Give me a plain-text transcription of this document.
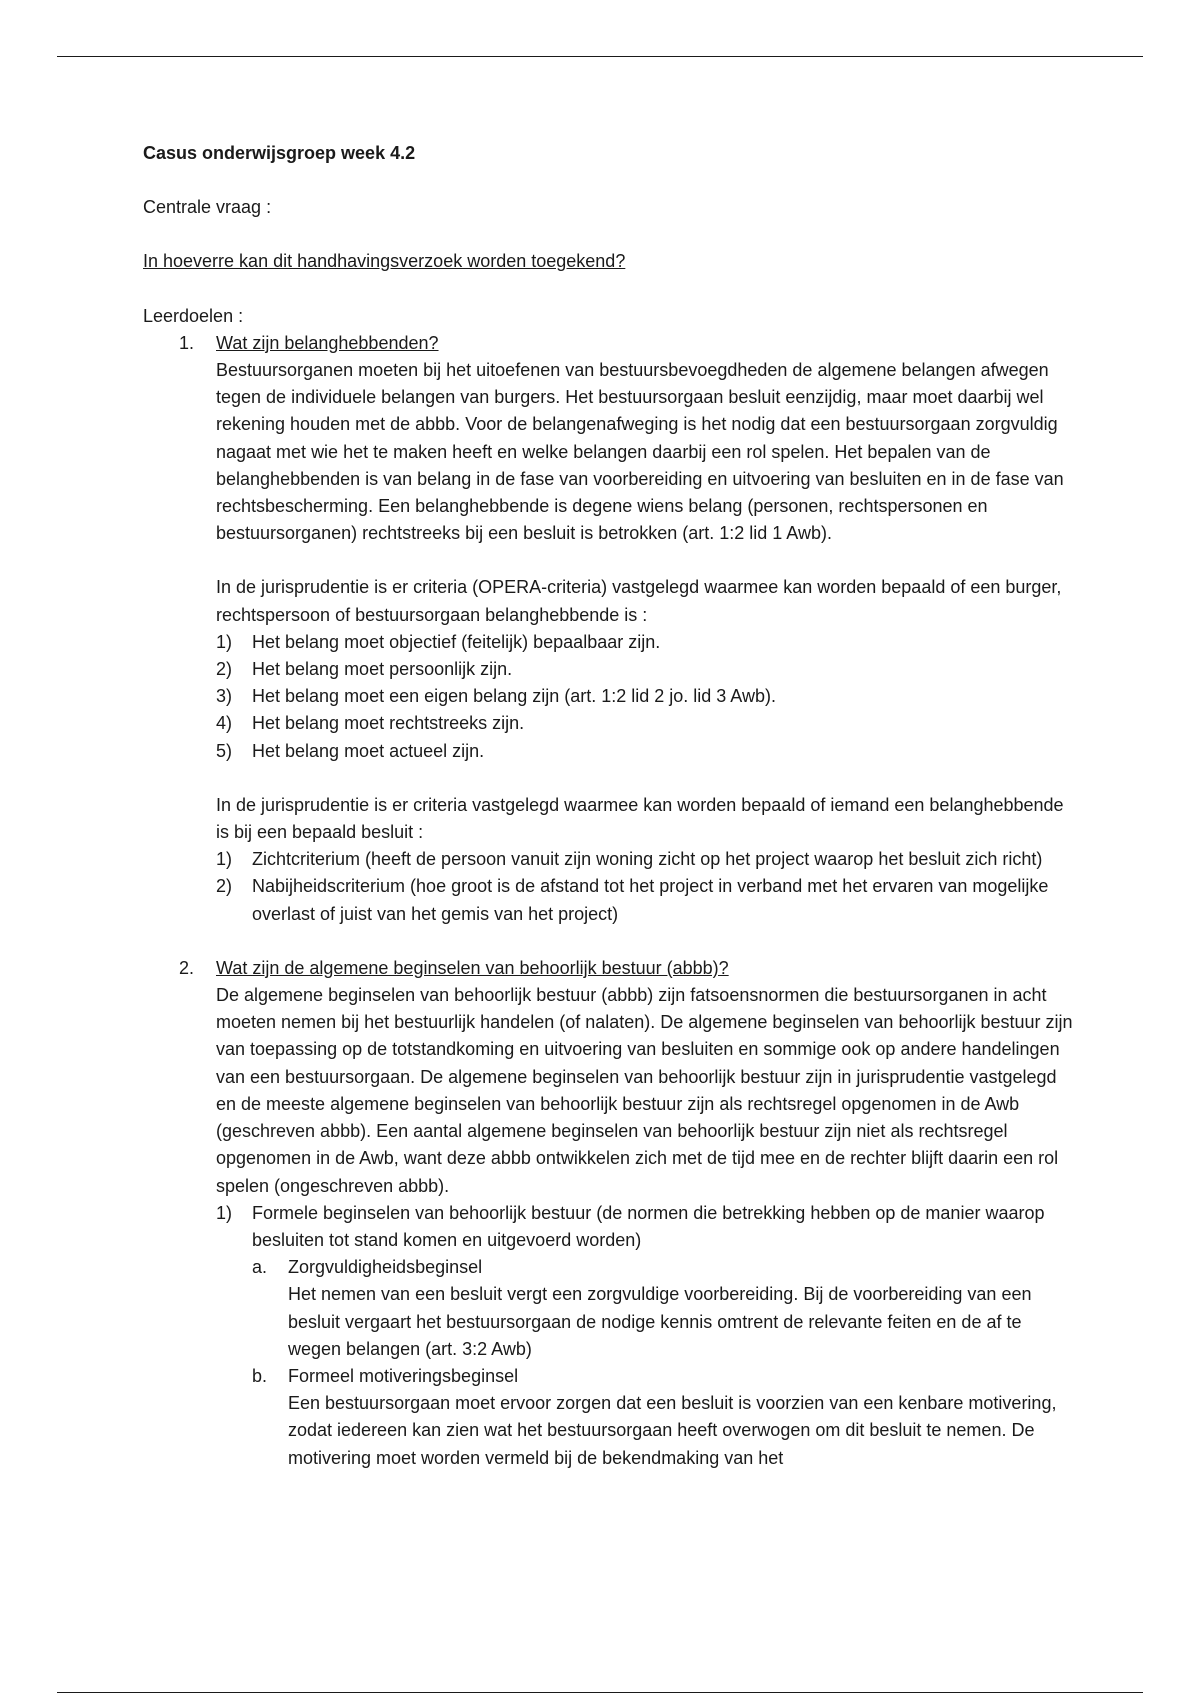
Casus onderwijsgroep week 4.2

Centrale vraag :

In hoeverre kan dit handhavingsverzoek worden toegekend?

Leerdoelen :

1. Wat zijn belanghebbenden?

Bestuursorganen moeten bij het uitoefenen van bestuursbevoegdheden de algemene belangen afwegen tegen de individuele belangen van burgers. Het bestuursorgaan besluit eenzijdig, maar moet daarbij wel rekening houden met de abbb. Voor de belangenafweging is het nodig dat een bestuursorgaan zorgvuldig nagaat met wie het te maken heeft en welke belangen daarbij een rol spelen. Het bepalen van de belanghebbenden is van belang in de fase van voorbereiding en uitvoering van besluiten en in de fase van rechtsbescherming. Een belanghebbende is degene wiens belang (personen, rechtspersonen en bestuursorganen) rechtstreeks bij een besluit is betrokken (art. 1:2 lid 1 Awb).

In de jurisprudentie is er criteria (OPERA-criteria) vastgelegd waarmee kan worden bepaald of een burger, rechtspersoon of bestuursorgaan belanghebbende is :

1) Het belang moet objectief (feitelijk) bepaalbaar zijn.
2) Het belang moet persoonlijk zijn.
3) Het belang moet een eigen belang zijn (art. 1:2 lid 2 jo. lid 3 Awb).
4) Het belang moet rechtstreeks zijn.
5) Het belang moet actueel zijn.

In de jurisprudentie is er criteria vastgelegd waarmee kan worden bepaald of iemand een belanghebbende is bij een bepaald besluit :

1) Zichtcriterium (heeft de persoon vanuit zijn woning zicht op het project waarop het besluit zich richt)
2) Nabijheidscriterium (hoe groot is de afstand tot het project in verband met het ervaren van mogelijke overlast of juist van het gemis van het project)
2. Wat zijn de algemene beginselen van behoorlijk bestuur (abbb)?

De algemene beginselen van behoorlijk bestuur (abbb) zijn fatsoensnormen die bestuursorganen in acht moeten nemen bij het bestuurlijk handelen (of nalaten). De algemene beginselen van behoorlijk bestuur zijn van toepassing op de totstandkoming en uitvoering van besluiten en sommige ook op andere handelingen van een bestuursorgaan. De algemene beginselen van behoorlijk bestuur zijn in jurisprudentie vastgelegd en de meeste algemene beginselen van behoorlijk bestuur zijn als rechtsregel opgenomen in de Awb (geschreven abbb). Een aantal algemene beginselen van behoorlijk bestuur zijn niet als rechtsregel opgenomen in de Awb, want deze abbb ontwikkelen zich met de tijd mee en de rechter blijft daarin een rol spelen (ongeschreven abbb).

1) Formele beginselen van behoorlijk bestuur (de normen die betrekking hebben op de manier waarop besluiten tot stand komen en uitgevoerd worden)
a. Zorgvuldigheidsbeginsel
Het nemen van een besluit vergt een zorgvuldige voorbereiding. Bij de voorbereiding van een besluit vergaart het bestuursorgaan de nodige kennis omtrent de relevante feiten en de af te wegen belangen (art. 3:2 Awb)
b. Formeel motiveringsbeginsel
Een bestuursorgaan moet ervoor zorgen dat een besluit is voorzien van een kenbare motivering, zodat iedereen kan zien wat het bestuursorgaan heeft overwogen om dit besluit te nemen. De motivering moet worden vermeld bij de bekendmaking van het
